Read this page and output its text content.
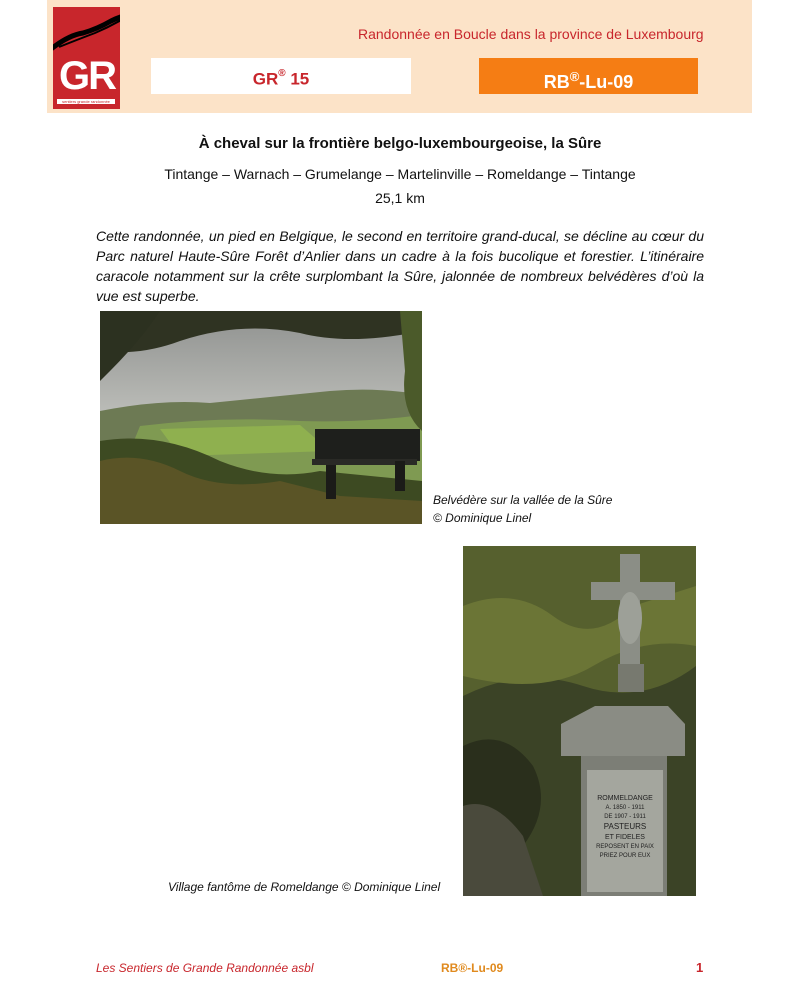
GR
sentiers grande randonnée
Randonnée en Boucle dans la province de Luxembourg
GR® 15	RB®-Lu-09
À cheval sur la frontière belgo-luxembourgeoise, la Sûre
Tintange – Warnach – Grumelange – Martelinville – Romeldange – Tintange
25,1 km
Cette randonnée, un pied en Belgique, le second en territoire grand-ducal, se décline au cœur du Parc naturel Haute-Sûre Forêt d’Anlier dans un cadre à la fois bucolique et forestier. L’itinéraire caracole notamment sur la crête surplombant la Sûre, jalonnée de nombreux belvédères d’où la vue est superbe.
Belvédère sur la vallée de la Sûre
© Dominique Linel
ROMMELDANGE
A. 1850 - 1911
DE 1907 - 1911
PASTEURS
ET FIDELES
REPOSENT EN PAIX
PRIEZ POUR EUX
Village fantôme de Romeldange © Dominique Linel
Les Sentiers de Grande Randonnée asbl	RB®-Lu-09	1
